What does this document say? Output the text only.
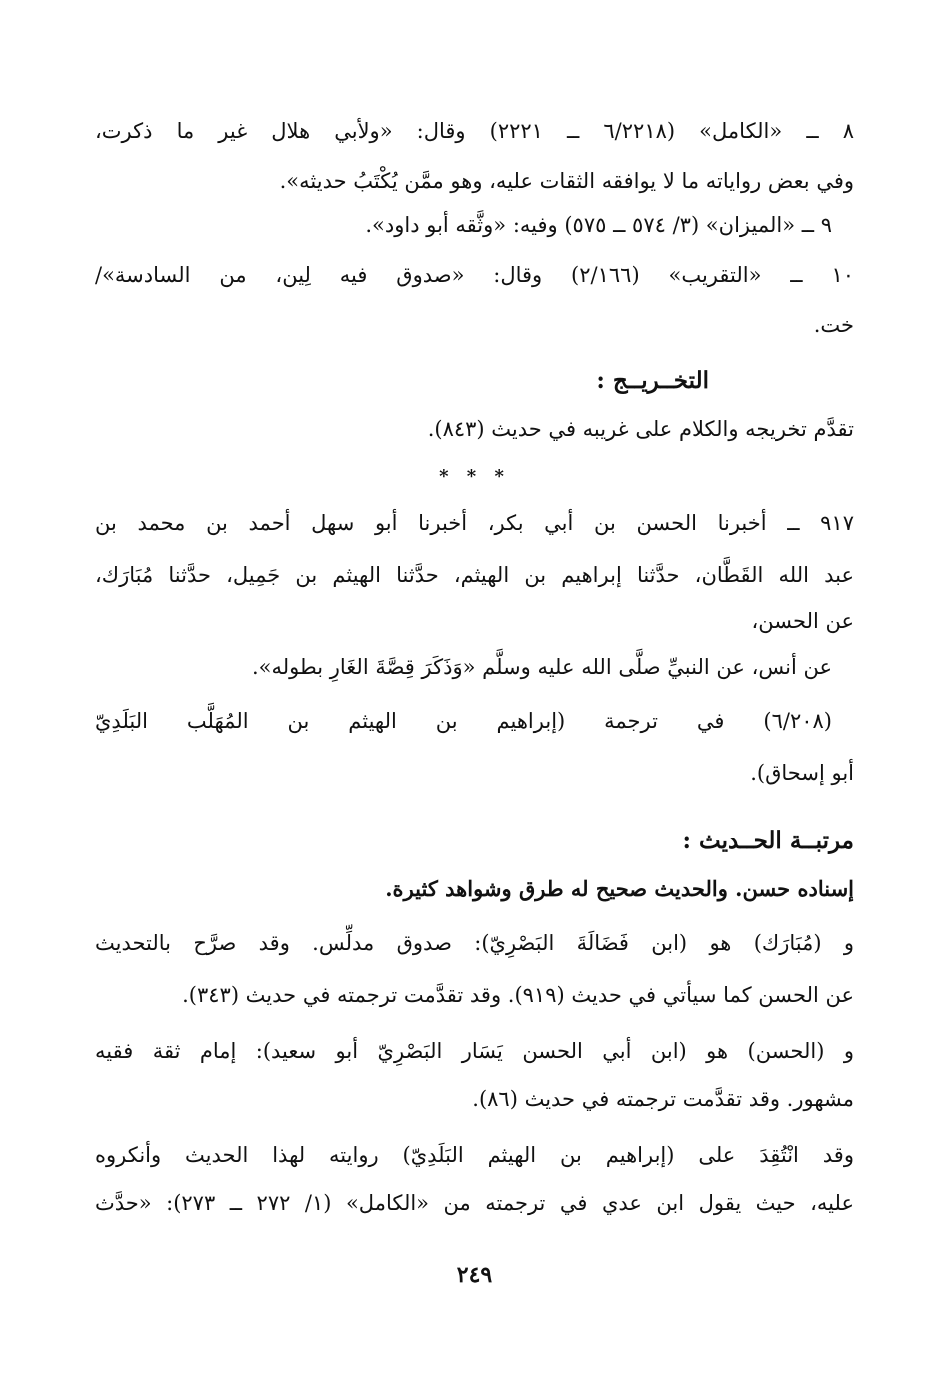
٨ ــ «الكامل» (٦/٢٢١٨ ــ ٢٢٢١) وقال: «ولأبي هلال غير ما ذكرت،
وفي بعض رواياته ما لا يوافقه الثقات عليه، وهو ممَّن يُكْتَبُ حديثه».
٩ ــ «الميزان» (٣/ ٥٧٤ ــ ٥٧٥) وفيه: «وثَّقه أبو داود».
١٠ ــ «التقريب» (٢/١٦٦) وقال: «صدوق فيه لِين، من السادسة»/
خت.
التخــريــج :
تقدَّم تخريجه والكلام على غريبه في حديث (٨٤٣).
* * *
٩١٧ ــ أخبرنا الحسن بن أبي بكر، أخبرنا أبو سهل أحمد بن محمد بن
عبد الله القَطَّان، حدَّثنا إبراهيم بن الهيثم، حدَّثنا الهيثم بن جَمِيل، حدَّثنا مُبَارَك،
عن الحسن،
عن أنس، عن النبيِّ صلَّى الله عليه وسلَّم «وَذَكَرَ قِصَّةَ الغَارِ بطوله».
(٦/٢٠٨) في ترجمة (إبراهيم بن الهيثم بن المُهَلَّب البَلَدِيّ
أبو إسحاق).
مرتبــة الحــديث :
إسناده حسن. والحديث صحيح له طرق وشواهد كثيرة.
و (مُبَارَك) هو (ابن فَضَالَةَ البَصْرِيّ): صدوق مدلِّس. وقد صرَّح بالتحديث
عن الحسن كما سيأتي في حديث (٩١٩). وقد تقدَّمت ترجمته في حديث (٣٤٣).
و (الحسن) هو (ابن أبي الحسن يَسَار البَصْرِيّ أبو سعيد): إمام ثقة فقيه
مشهور. وقد تقدَّمت ترجمته في حديث (٨٦).
وقد انْتُقِدَ على (إبراهيم بن الهيثم البَلَدِيّ) روايته لهذا الحديث وأنكروه
عليه، حيث يقول ابن عدي في ترجمته من «الكامل» (١/ ٢٧٢ ــ ٢٧٣): «حدَّث
٢٤٩
